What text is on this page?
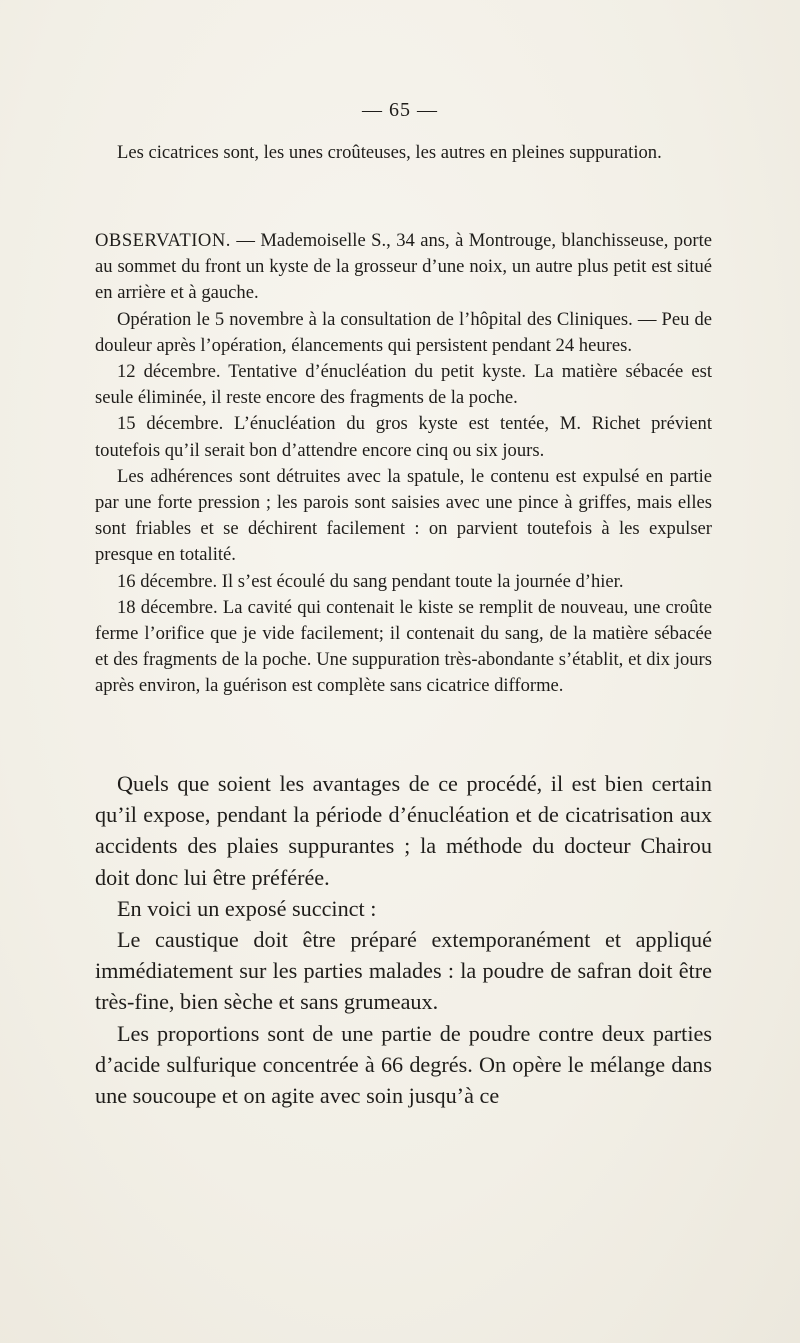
— 65 —

Les cicatrices sont, les unes croûteuses, les autres en pleines suppuration.

OBSERVATION. — Mademoiselle S., 34 ans, à Montrouge, blanchisseuse, porte au sommet du front un kyste de la grosseur d’une noix, un autre plus petit est situé en arrière et à gauche.

Opération le 5 novembre à la consultation de l’hôpital des Cliniques. — Peu de douleur après l’opération, élancements qui persistent pendant 24 heures.

12 décembre. Tentative d’énucléation du petit kyste. La matière sébacée est seule éliminée, il reste encore des fragments de la poche.

15 décembre. L’énucléation du gros kyste est tentée, M. Richet prévient toutefois qu’il serait bon d’attendre encore cinq ou six jours.

Les adhérences sont détruites avec la spatule, le contenu est expulsé en partie par une forte pression ; les parois sont saisies avec une pince à griffes, mais elles sont friables et se déchirent facilement : on parvient toutefois à les expulser presque en totalité.

16 décembre. Il s’est écoulé du sang pendant toute la journée d’hier.

18 décembre. La cavité qui contenait le kiste se remplit de nouveau, une croûte ferme l’orifice que je vide facilement; il contenait du sang, de la matière sébacée et des fragments de la poche. Une suppuration très-abondante s’établit, et dix jours après environ, la guérison est complète sans cicatrice difforme.

Quels que soient les avantages de ce procédé, il est bien certain qu’il expose, pendant la période d’énucléation et de cicatrisation aux accidents des plaies suppurantes ; la méthode du docteur Chairou doit donc lui être préférée.

En voici un exposé succinct :

Le caustique doit être préparé extemporanément et appliqué immédiatement sur les parties malades : la poudre de safran doit être très-fine, bien sèche et sans grumeaux.

Les proportions sont de une partie de poudre contre deux parties d’acide sulfurique concentrée à 66 degrés. On opère le mélange dans une soucoupe et on agite avec soin jusqu’à ce
